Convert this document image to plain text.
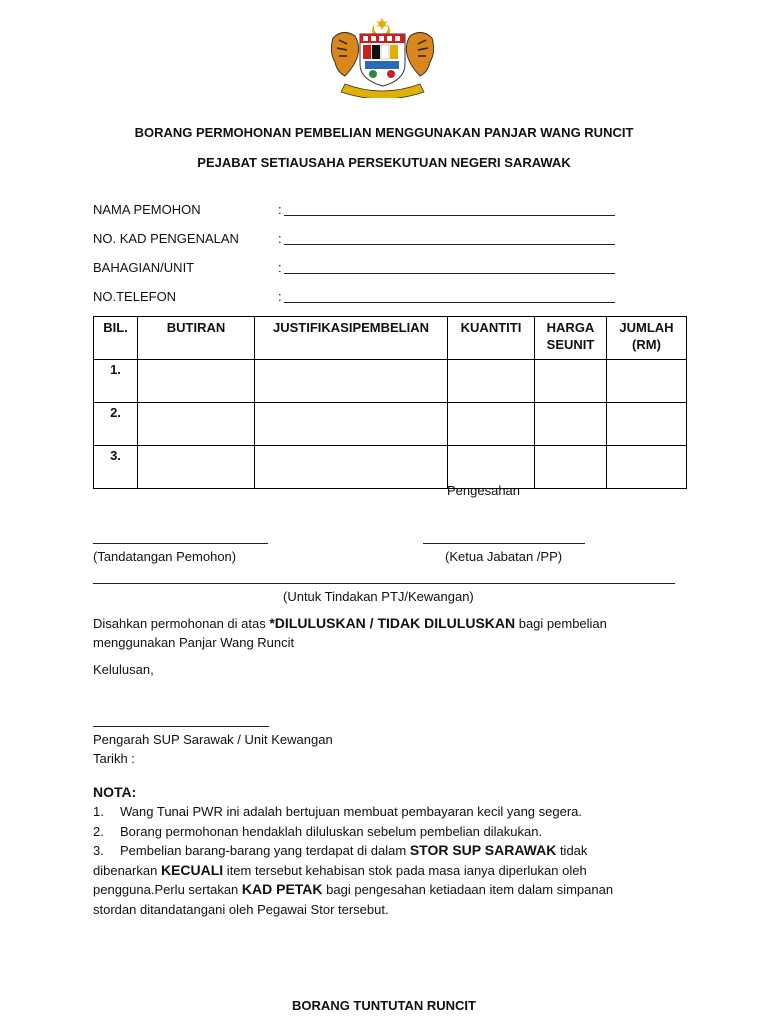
BORANG PERMOHONAN PEMBELIAN MENGGUNAKAN PANJAR WANG RUNCIT
PEJABAT SETIAUSAHA PERSEKUTUAN NEGERI SARAWAK
NAMA PEMOHON	:
NO. KAD PENGENALAN	:
BAHAGIAN/UNIT	:
NO.TELEFON	:
BIL.	BUTIRAN	JUSTIFIKASIPEMBELIAN	KUANTITI	HARGA SEUNIT	JUMLAH (RM)
1.					
2.					
3.					
Pengesahan
(Tandatangan Pemohon)	(Ketua Jabatan /PP)
(Untuk Tindakan PTJ/Kewangan)
Disahkan permohonan di atas *DILULUSKAN / TIDAK DILULUSKAN bagi pembelian
menggunakan Panjar Wang Runcit
Kelulusan,
Pengarah SUP Sarawak / Unit Kewangan
Tarikh :
NOTA:
1. Wang Tunai PWR ini adalah bertujuan membuat pembayaran kecil yang segera.
2. Borang permohonan hendaklah diluluskan sebelum pembelian dilakukan.
3. Pembelian barang-barang yang terdapat di dalam STOR SUP SARAWAK tidak
dibenarkan KECUALI item tersebut kehabisan stok pada masa ianya diperlukan oleh
pengguna.Perlu sertakan KAD PETAK bagi pengesahan ketiadaan item dalam simpanan
stordan ditandatangani oleh Pegawai Stor tersebut.
BORANG TUNTUTAN RUNCIT
